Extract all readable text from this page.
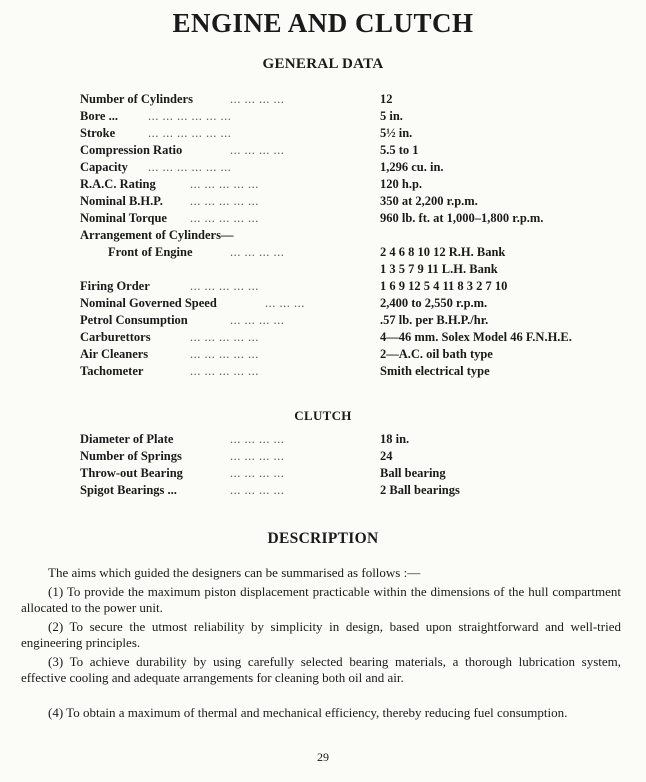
ENGINE AND CLUTCH
GENERAL DATA
Number of Cylinders	... ... ... ...	12
Bore ... ... ... ... ... ... ...	5 in.
Stroke	... ... ... ... ... ...	5½ in.
Compression Ratio	... ... ... ...	5.5 to 1
Capacity ... ... ... ... ... ...	1,296 cu. in.
R.A.C. Rating	... ... ... ... ...	120 h.p.
Nominal B.H.P. ... ... ... ... ...	350 at 2,200 r.p.m.
Nominal Torque ... ... ... ... ...	960 lb. ft. at 1,000–1,800 r.p.m.
Arrangement of Cylinders—
Front of Engine	... ... ... ...	2 4 6 8 10 12 R.H. Bank
1 3 5 7 9 11 L.H. Bank
Firing Order	... ... ... ... ...	1 6 9 12 5 4 11 8 3 2 7 10
Nominal Governed Speed	... ... ...	2,400 to 2,550 r.p.m.
Petrol Consumption	... ... ... ...	.57 lb. per B.H.P./hr.
Carburettors	... ... ... ... ...	4—46 mm. Solex Model 46 F.N.H.E.
Air Cleaners	... ... ... ... ...	2—A.C. oil bath type
Tachometer	... ... ... ... ...	Smith electrical type
CLUTCH
Diameter of Plate	... ... ... ...	18 in.
Number of Springs	... ... ... ...	24
Throw-out Bearing	... ... ... ...	Ball bearing
Spigot Bearings ...	... ... ... ...	2 Ball bearings
DESCRIPTION
The aims which guided the designers can be summarised as follows :—
(1) To provide the maximum piston displacement practicable within the dimensions of the hull compartment allocated to the power unit.
(2) To secure the utmost reliability by simplicity in design, based upon straightforward and well-tried engineering principles.
(3) To achieve durability by using carefully selected bearing materials, a thorough lubrication system, effective cooling and adequate arrangements for cleaning both oil and air.
(4) To obtain a maximum of thermal and mechanical efficiency, thereby reducing fuel consumption.
29
